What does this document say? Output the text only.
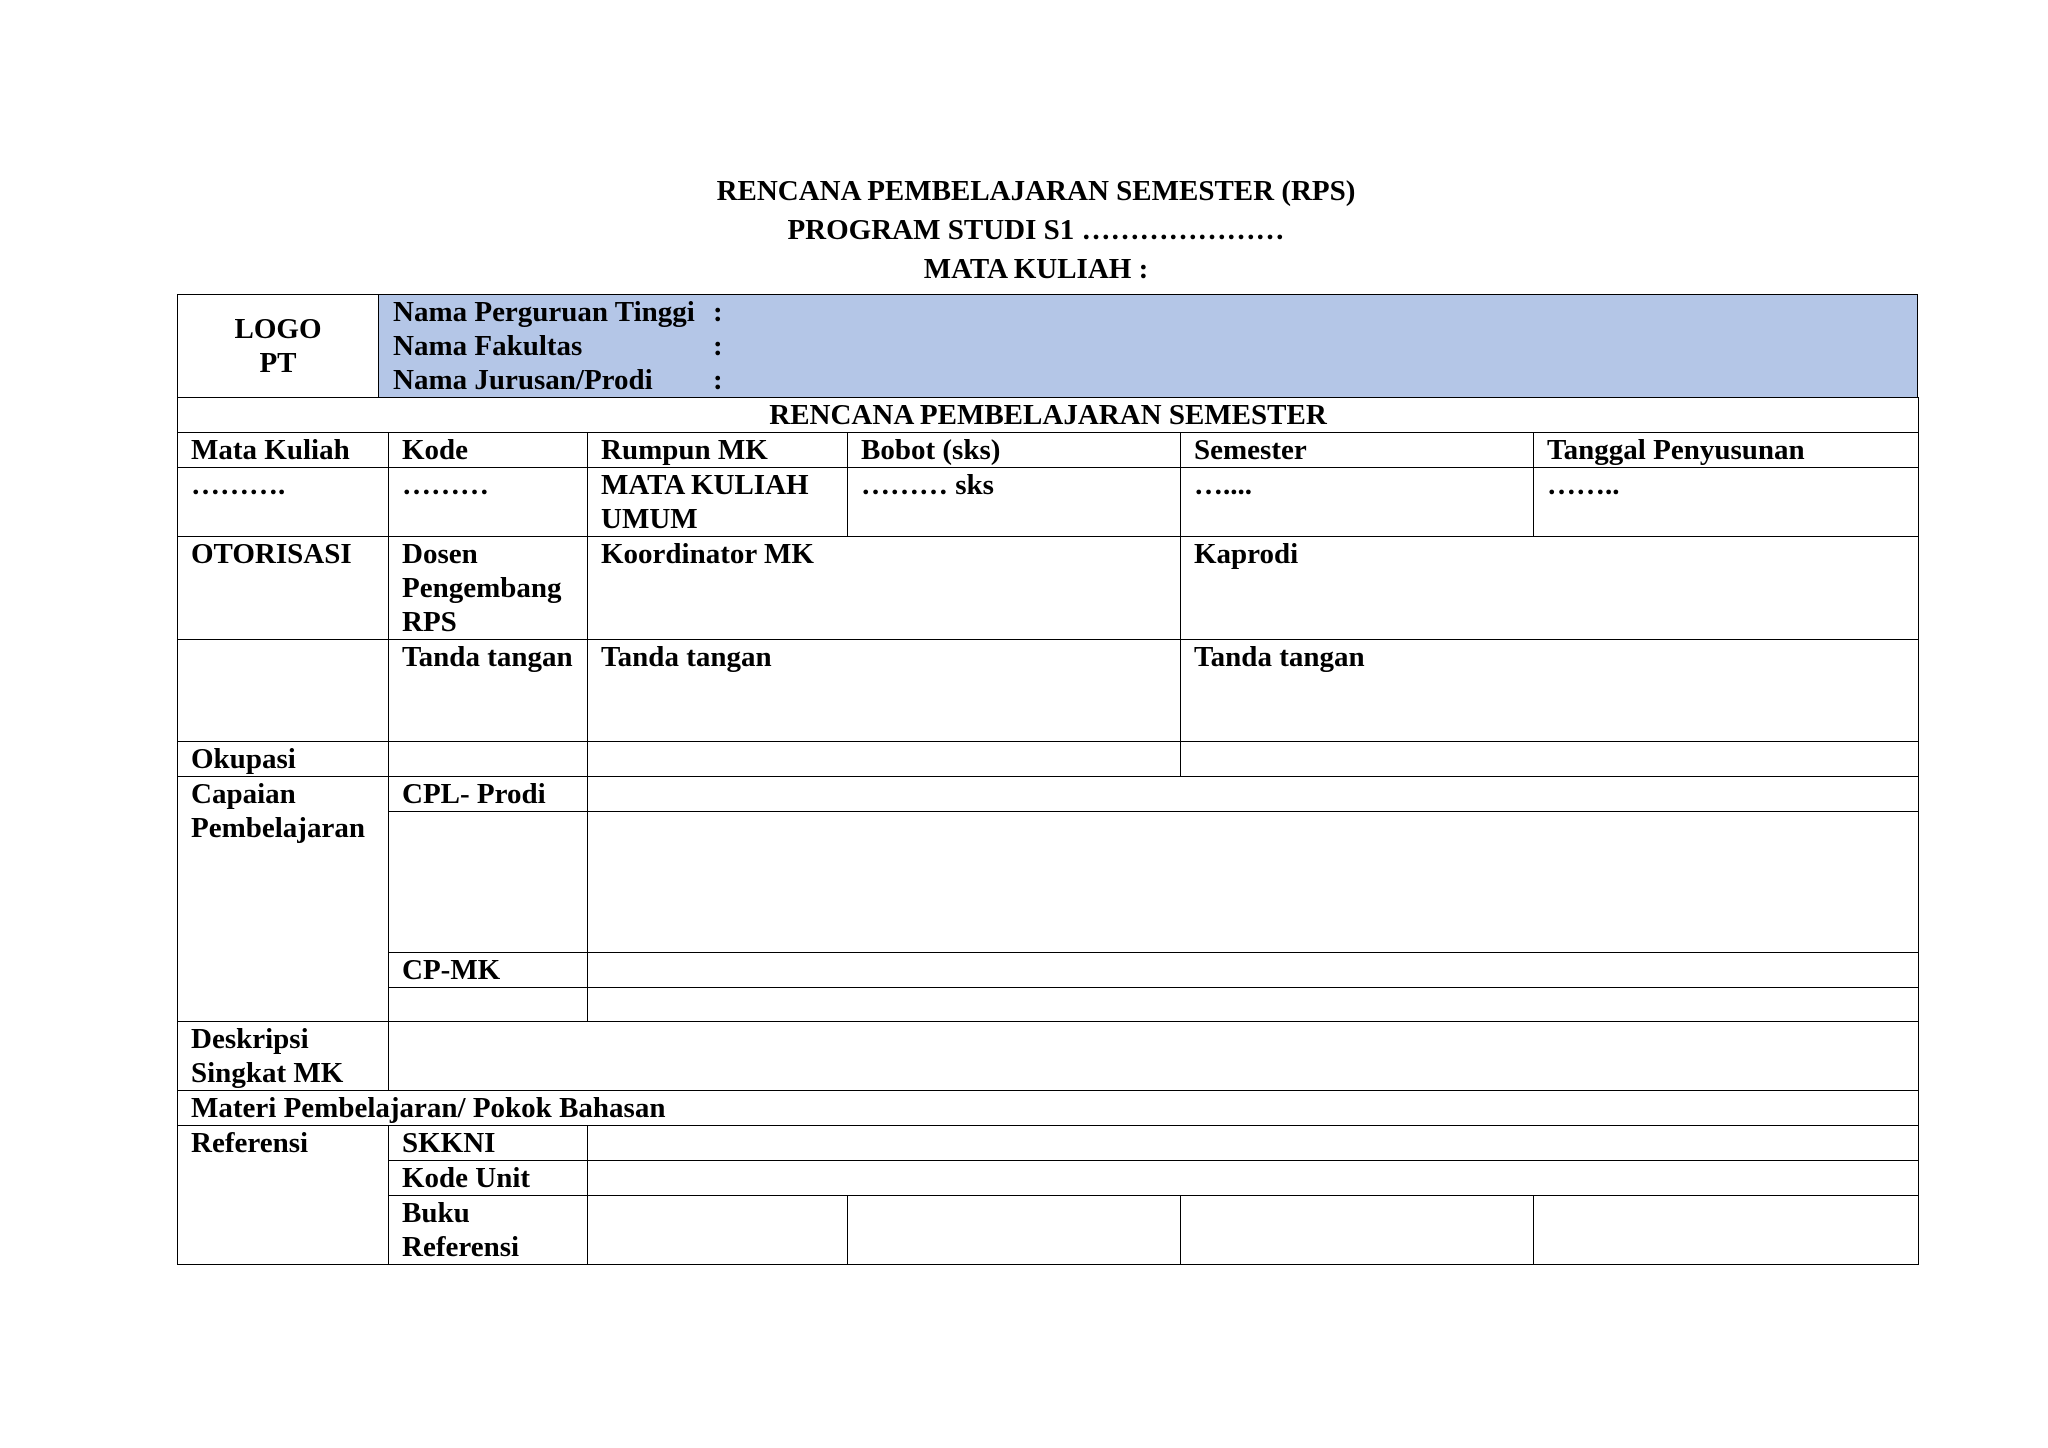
RENCANA PEMBELAJARAN SEMESTER (RPS)
PROGRAM STUDI S1 …………………
MATA KULIAH :
LOGO
PT

Nama Perguruan Tinggi :
Nama Fakultas	:
Nama Jurusan/Prodi	:
RENCANA PEMBELAJARAN SEMESTER					
Mata Kuliah	Kode	Rumpun MK	Bobot (sks)	Semester	Tanggal Penyusunan
……….	………	MATA KULIAH UMUM	……… sks	…....	……..
OTORISASI	Dosen Pengembang RPS	Koordinator MK		Kaprodi	
	Tanda tangan	Tanda tangan		Tanda tangan	
Okupasi					
Capaian Pembelajaran	CPL- Prodi				

	CP-MK				

Deskripsi Singkat MK					
Materi Pembelajaran/ Pokok Bahasan					
Referensi	SKKNI				
	Kode Unit				
	Buku Referensi				
